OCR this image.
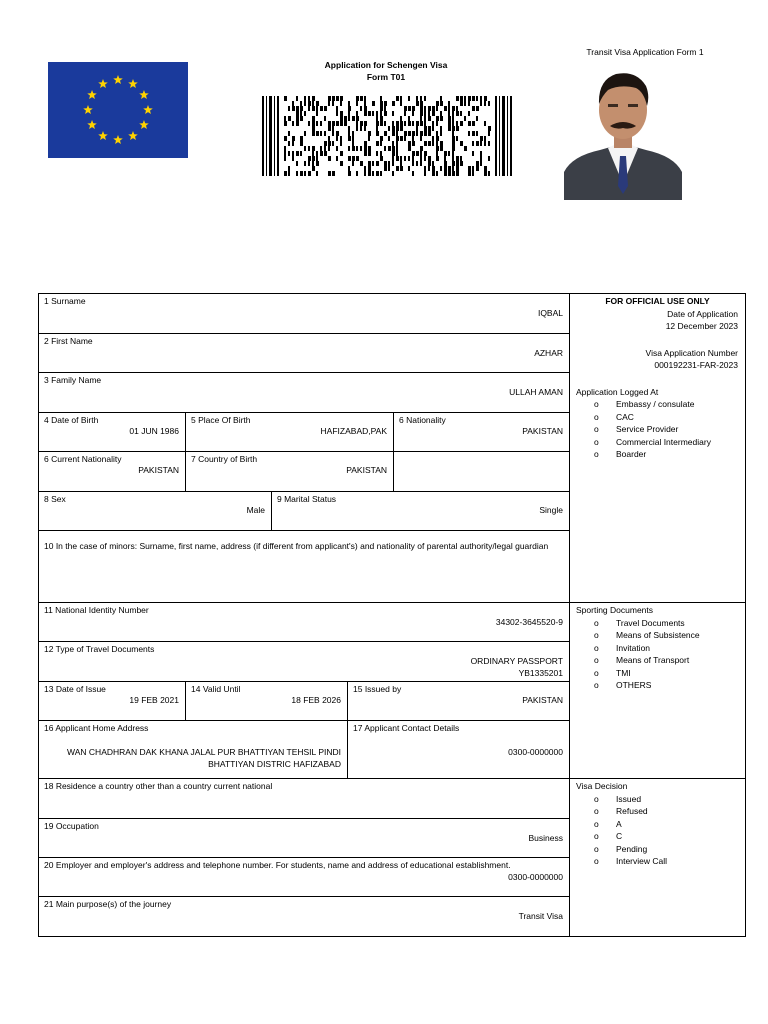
Application for Schengen Visa
Form T01
Transit Visa Application Form 1
1 Surname
IQBAL
2 First Name
AZHAR
3 Family Name
ULLAH AMAN
4 Date of Birth
01 JUN 1986
5 Place Of Birth
HAFIZABAD,PAK
6 Nationality
PAKISTAN
6 Current Nationality
PAKISTAN
7 Country of Birth
PAKISTAN
8 Sex
Male
9 Marital Status
Single
10 In the case of minors: Surname, first name, address (if different from applicant's) and nationality of parental authority/legal guardian
11 National Identity Number
34302-3645520-9
12 Type of Travel Documents
ORDINARY PASSPORT
YB1335201
13 Date of Issue
19 FEB 2021
14 Valid Until
18 FEB 2026
15 Issued by
PAKISTAN
16 Applicant Home Address
WAN CHADHRAN DAK KHANA JALAL PUR BHATTIYAN TEHSIL PINDI
BHATTIYAN DISTRIC HAFIZABAD
17 Applicant Contact Details
0300-0000000
18 Residence a country other than a country current national
19 Occupation
Business
20 Employer and employer's address and telephone number. For students, name and address of educational establishment.
0300-0000000
21 Main purpose(s) of the journey
Transit Visa
FOR OFFICIAL USE ONLY
Date of Application
12 December 2023
Visa Application Number
000192231-FAR-2023
Application Logged At
o Embassy / consulate
o CAC
o Service Provider
o Commercial Intermediary
o Boarder
Sporting Documents
o Travel Documents
o Means of Subsistence
o Invitation
o Means of Transport
o TMI
o OTHERS
Visa Decision
o Issued
o Refused
o A
o C
o Pending
o Interview Call
